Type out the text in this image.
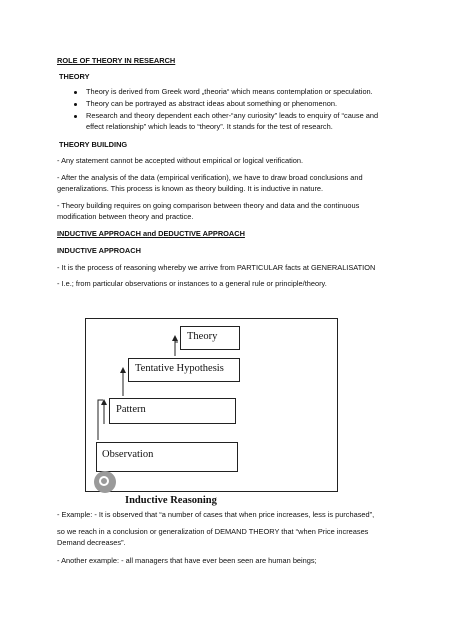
ROLE OF THEORY IN RESEARCH
THEORY
Theory is derived from Greek word „theoria“ which means contemplation or speculation.
Theory can be portrayed as abstract ideas about something or phenomenon.
Research and theory dependent each other-“any curiosity” leads to enquiry of “cause and
effect relationship” which leads to “theory”. It stands for the test of research.
THEORY BUILDING
- Any statement cannot be accepted without empirical or logical verification.
- After the analysis of the data (empirical verification), we have to draw broad conclusions and
generalizations. This process is known as theory building. It is inductive in nature.
- Theory building requires on going comparison between theory and data and the continuous
modification between theory and practice.
INDUCTIVE APPROACH and DEDUCTIVE APPROACH
INDUCTIVE APPROACH
- It is the process of reasoning whereby we arrive from PARTICULAR facts at GENERALISATION
- I.e.; from particular observations or instances to a general rule or principle/theory.
Theory
Tentative Hypothesis
Pattern
Observation
Inductive Reasoning
- Example: - It is observed that “a number of cases that when price increases, less is purchased”,
so we reach in a conclusion or generalization of DEMAND THEORY that “when Price increases
Demand decreases”.
- Another example: - all managers that have ever been seen are human beings;
